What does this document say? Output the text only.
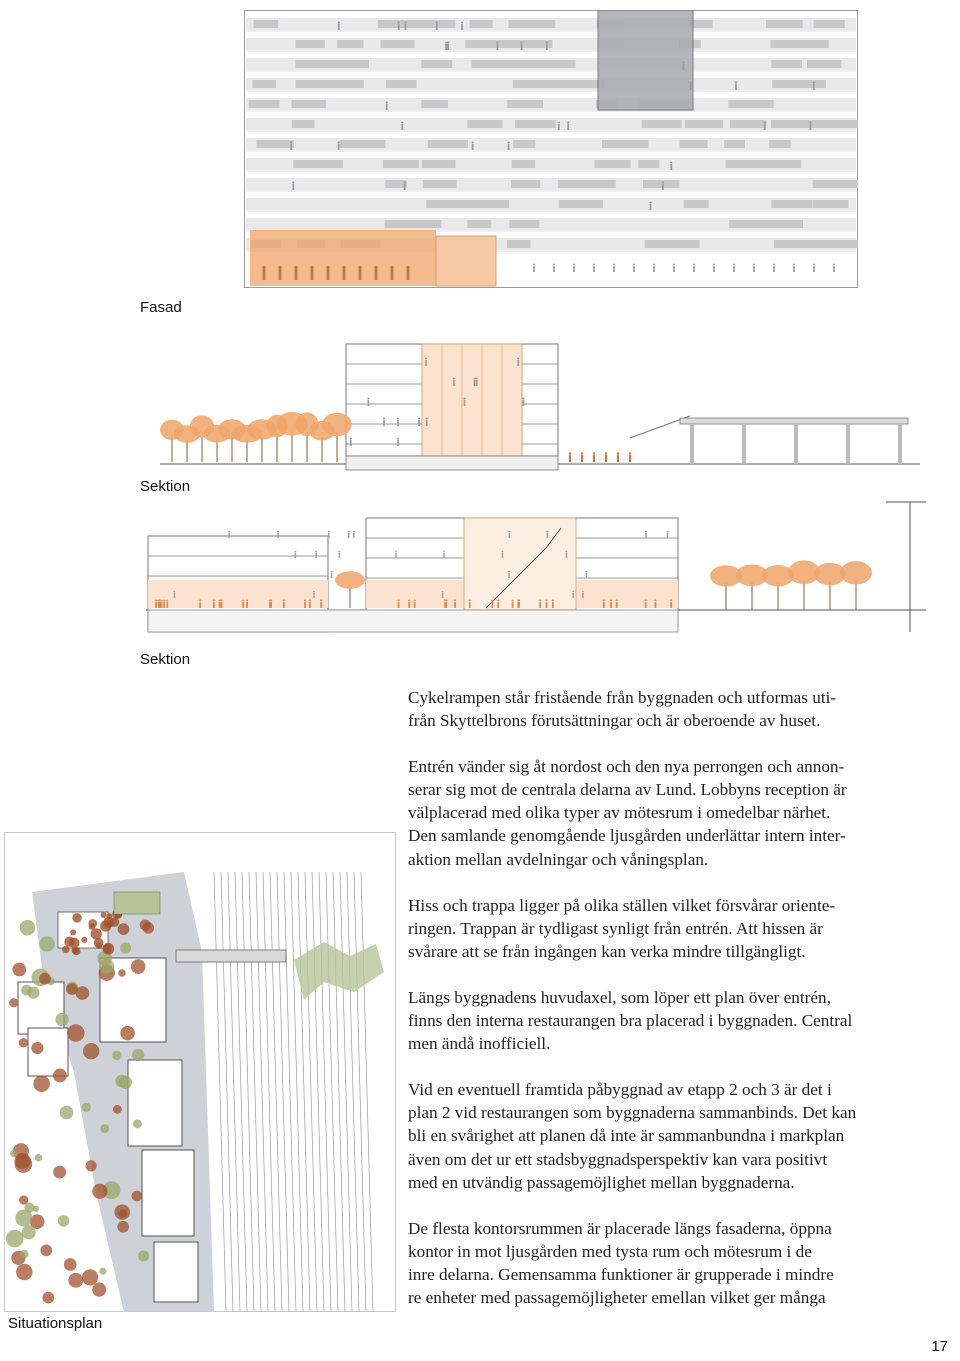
Fasad
Sektion
Sektion
Situationsplan

Cykelrampen står fristående från byggnaden och utformas uti-
från Skyttelbrons förutsättningar och är oberoende av huset.

Entrén vänder sig åt nordost och den nya perrongen och annon-
serar sig mot de centrala delarna av Lund. Lobbyns reception är
välplacerad med olika typer av mötesrum i omedelbar närhet.
Den samlande genomgående ljusgården underlättar intern inter-
aktion mellan avdelningar och våningsplan.

Hiss och trappa ligger på olika ställen vilket försvårar oriente-
ringen. Trappan är tydligast synligt från entrén. Att hissen är
svårare att se från ingången kan verka mindre tillgängligt.

Längs byggnadens huvudaxel, som löper ett plan över entrén,
finns den interna restaurangen bra placerad i byggnaden. Central
men ändå inofficiell.

Vid en eventuell framtida påbyggnad av etapp 2 och 3 är det i
plan 2 vid restaurangen som byggnaderna sammanbinds. Det kan
bli en svårighet att planen då inte är sammanbundna i markplan
även om det ur ett stadsbyggnadsperspektiv kan vara positivt
med en utvändig passagemöjlighet mellan byggnaderna.

De flesta kontorsrummen är placerade längs fasaderna, öppna
kontor in mot ljusgården med tysta rum och mötesrum i de
inre delarna. Gemensamma funktioner är grupperade i mindre
re enheter med passagemöjligheter emellan vilket ger många

17
